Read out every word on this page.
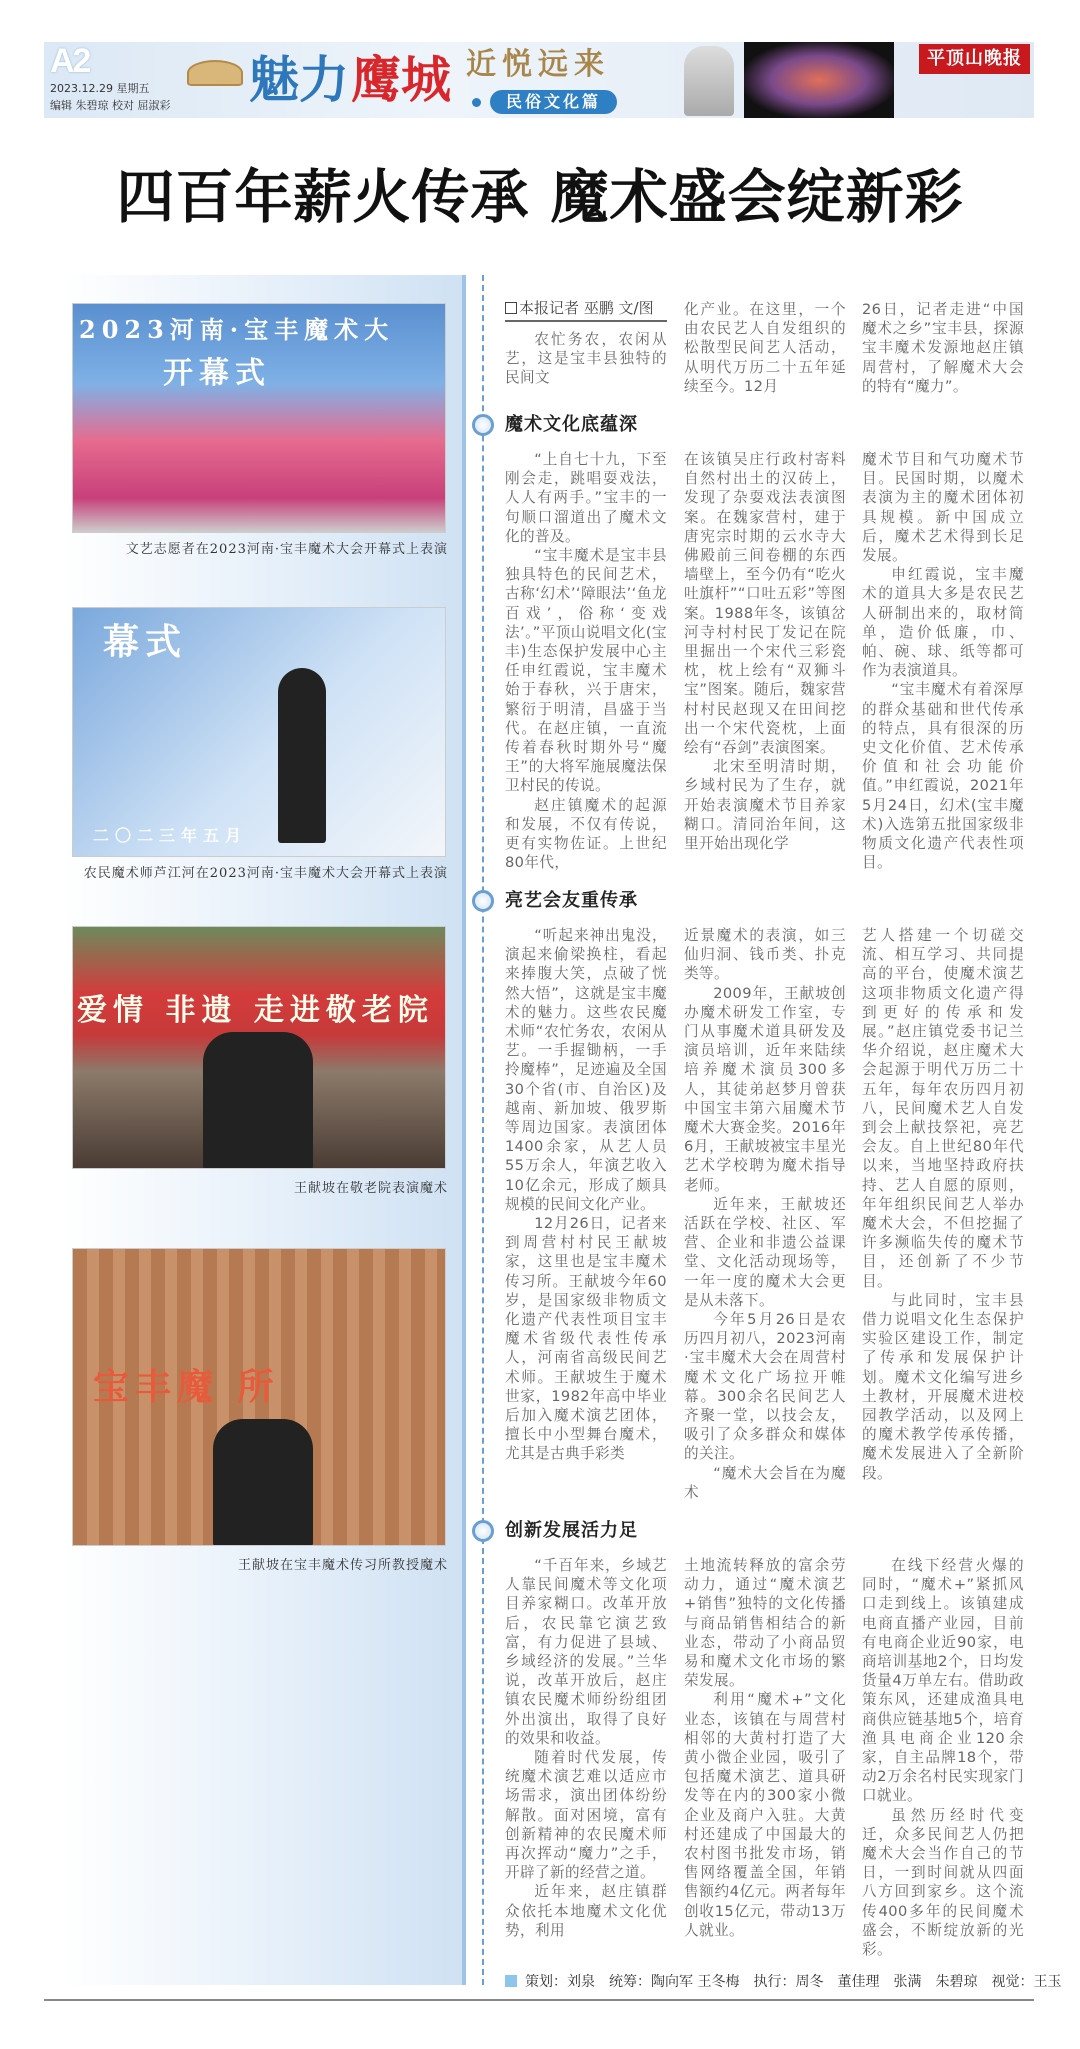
A2
2023.12.29 星期五
编辑 朱碧琼 校对 屈淑彩 魅力 鹰城 近悦远来
民俗文化篇
平顶山晚报
四百年薪火传承 魔术盛会绽新彩
2023河南·宝丰魔术大
开幕式
文艺志愿者在2023河南·宝丰魔术大会开幕式上表演
幕式
二〇二三年五月
农民魔术师芦江河在2023河南·宝丰魔术大会开幕式上表演
爱情 非遗 走进敬老院
王献坡在敬老院表演魔术
宝丰魔 所
王献坡在宝丰魔术传习所教授魔术
本报记者 巫鹏 文/图

农忙务农，农闲从艺，这是宝丰县独特的民间文

化产业。在这里，一个由农民艺人自发组织的松散型民间艺人活动，从明代万历二十五年延续至今。12月

26日，记者走进“中国魔术之乡”宝丰县，探源宝丰魔术发源地赵庄镇周营村，了解魔术大会的特有“魔力”。

魔术文化底蕴深

“上自七十九，下至刚会走，跳唱耍戏法，人人有两手。”宝丰的一句顺口溜道出了魔术文化的普及。

“宝丰魔术是宝丰县独具特色的民间艺术，古称‘幻术’‘障眼法’‘鱼龙百戏’，俗称‘变戏法’。”平顶山说唱文化(宝丰)生态保护发展中心主任申红霞说，宝丰魔术始于春秋，兴于唐宋，繁衍于明清，昌盛于当代。在赵庄镇，一直流传着春秋时期外号“魔王”的大将军施展魔法保卫村民的传说。

赵庄镇魔术的起源和发展，不仅有传说，更有实物佐证。上世纪80年代，

在该镇吴庄行政村寄料自然村出土的汉砖上，发现了杂耍戏法表演图案。在魏家营村，建于唐宪宗时期的云水寺大佛殿前三间卷棚的东西墙壁上，至今仍有“吃火吐旗杆”“口吐五彩”等图案。1988年冬，该镇岔河寺村村民丁发记在院里掘出一个宋代三彩瓷枕，枕上绘有“双狮斗宝”图案。随后，魏家营村村民赵现又在田间挖出一个宋代瓷枕，上面绘有“吞剑”表演图案。

北宋至明清时期，乡域村民为了生存，就开始表演魔术节目养家糊口。清同治年间，这里开始出现化学

魔术节目和气功魔术节目。民国时期，以魔术表演为主的魔术团体初具规模。新中国成立后，魔术艺术得到长足发展。

申红霞说，宝丰魔术的道具大多是农民艺人研制出来的，取材简单，造价低廉，巾、帕、碗、球、纸等都可作为表演道具。

“宝丰魔术有着深厚的群众基础和世代传承的特点，具有很深的历史文化价值、艺术传承价值和社会功能价值。”申红霞说，2021年5月24日，幻术(宝丰魔术)入选第五批国家级非物质文化遗产代表性项目。

亮艺会友重传承

“听起来神出鬼没，演起来偷梁换柱，看起来捧腹大笑，点破了恍然大悟”，这就是宝丰魔术的魅力。这些农民魔术师“农忙务农，农闲从艺。一手握锄柄，一手拎魔棒”，足迹遍及全国30个省(市、自治区)及越南、新加坡、俄罗斯等周边国家。表演团体1400余家，从艺人员55万余人，年演艺收入10亿余元，形成了颇具规模的民间文化产业。

12月26日，记者来到周营村村民王献坡家，这里也是宝丰魔术传习所。王献坡今年60岁，是国家级非物质文化遗产代表性项目宝丰魔术省级代表性传承人，河南省高级民间艺术师。王献坡生于魔术世家，1982年高中毕业后加入魔术演艺团体，擅长中小型舞台魔术，尤其是古典手彩类

近景魔术的表演，如三仙归洞、钱币类、扑克类等。

2009年，王献坡创办魔术研发工作室，专门从事魔术道具研发及演员培训，近年来陆续培养魔术演员300多人，其徒弟赵梦月曾获中国宝丰第六届魔术节魔术大赛金奖。2016年6月，王献坡被宝丰星光艺术学校聘为魔术指导老师。

近年来，王献坡还活跃在学校、社区、军营、企业和非遗公益课堂、文化活动现场等，一年一度的魔术大会更是从未落下。

今年5月26日是农历四月初八，2023河南·宝丰魔术大会在周营村魔术文化广场拉开帷幕。300余名民间艺人齐聚一堂，以技会友，吸引了众多群众和媒体的关注。

“魔术大会旨在为魔术

艺人搭建一个切磋交流、相互学习、共同提高的平台，使魔术演艺这项非物质文化遗产得到更好的传承和发展。”赵庄镇党委书记兰华介绍说，赵庄魔术大会起源于明代万历二十五年，每年农历四月初八，民间魔术艺人自发到会上献技祭祀，亮艺会友。自上世纪80年代以来，当地坚持政府扶持、艺人自愿的原则，年年组织民间艺人举办魔术大会，不但挖掘了许多濒临失传的魔术节目，还创新了不少节目。

与此同时，宝丰县借力说唱文化生态保护实验区建设工作，制定了传承和发展保护计划。魔术文化编写进乡土教材，开展魔术进校园教学活动，以及网上的魔术教学传承传播，魔术发展进入了全新阶段。

创新发展活力足

“千百年来，乡域艺人靠民间魔术等文化项目养家糊口。改革开放后，农民靠它演艺致富，有力促进了县域、乡域经济的发展。”兰华说，改革开放后，赵庄镇农民魔术师纷纷组团外出演出，取得了良好的效果和收益。

随着时代发展，传统魔术演艺难以适应市场需求，演出团体纷纷解散。面对困境，富有创新精神的农民魔术师再次挥动“魔力”之手，开辟了新的经营之道。

近年来，赵庄镇群众依托本地魔术文化优势，利用

土地流转释放的富余劳动力，通过“魔术演艺+销售”独特的文化传播与商品销售相结合的新业态，带动了小商品贸易和魔术文化市场的繁荣发展。

利用“魔术+”文化业态，该镇在与周营村相邻的大黄村打造了大黄小微企业园，吸引了包括魔术演艺、道具研发等在内的300家小微企业及商户入驻。大黄村还建成了中国最大的农村图书批发市场，销售网络覆盖全国，年销售额约4亿元。两者每年创收15亿元，带动13万人就业。

在线下经营火爆的同时，“魔术+”紧抓风口走到线上。该镇建成电商直播产业园，目前有电商企业近90家，电商培训基地2个，日均发货量4万单左右。借助政策东风，还建成渔具电商供应链基地5个，培育渔具电商企业120余家，自主品牌18个，带动2万余名村民实现家门口就业。

虽然历经时代变迁，众多民间艺人仍把魔术大会当作自己的节日，一到时间就从四面八方回到家乡。这个流传400多年的民间魔术盛会，不断绽放新的光彩。

策划：刘泉　统筹：陶向军 王冬梅　执行：周冬　董佳理　张满　朱碧琼　视觉：王玉
